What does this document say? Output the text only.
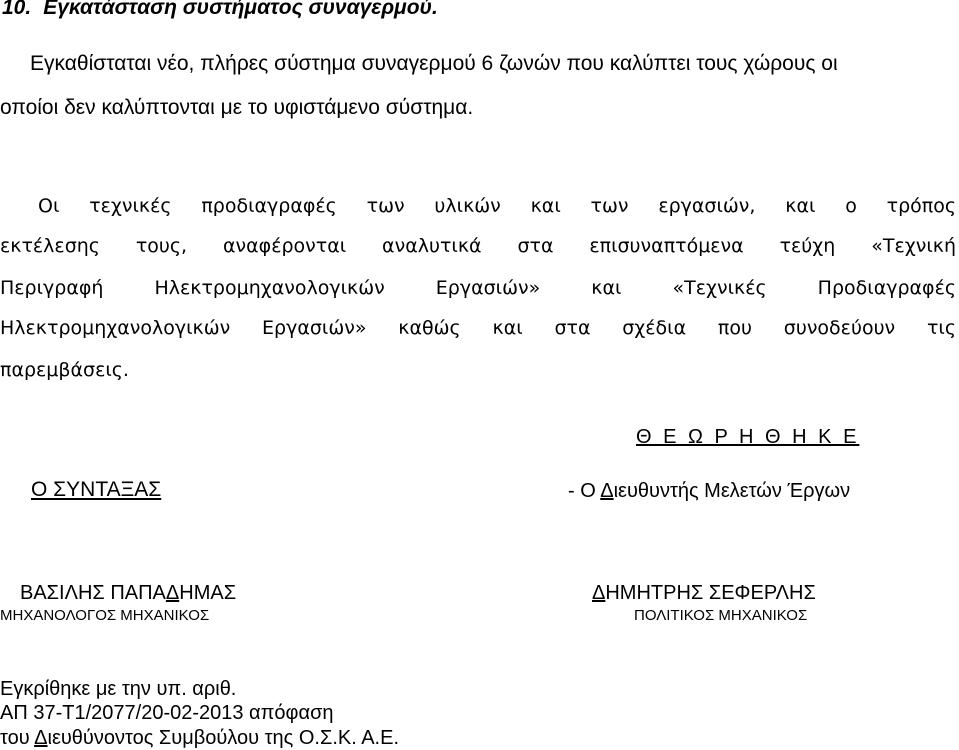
10. Εγκατάσταση συστήματος συναγερμού.
Εγκαθίσταται νέο, πλήρες σύστημα συναγερμού 6 ζωνών που καλύπτει τους χώρους οι
οποίοι δεν καλύπτονται με το υφιστάμενο σύστημα.
Οι τεχνικές προδιαγραφές των υλικών και των εργασιών, και ο τρόπος
εκτέλεσης τους, αναφέρονται αναλυτικά στα επισυναπτόμενα τεύχη «Τεχνική
Περιγραφή Ηλεκτρομηχανολογικών Εργασιών» και «Τεχνικές Προδιαγραφές
Ηλεκτρομηχανολογικών Εργασιών» καθώς και στα σχέδια που συνοδεύουν τις
παρεμβάσεις.
Θ Ε Ω Ρ Η Θ Η Κ Ε
Ο ΣΥΝΤΑΞΑΣ	- Ο Διευθυντής Μελετών Έργων
ΒΑΣΙΛΗΣ ΠΑΠΑΔΗΜΑΣ
ΜΗΧΑΝΟΛΟΓΟΣ ΜΗΧΑΝΙΚΟΣ
ΔΗΜΗΤΡΗΣ ΣΕΦΕΡΛΗΣ
ΠΟΛΙΤΙΚΟΣ ΜΗΧΑΝΙΚΟΣ
Εγκρίθηκε με την υπ. αριθ.
ΑΠ 37-Τ1/2077/20-02-2013 απόφαση
του Διευθύνοντος Συμβούλου της Ο.Σ.Κ. Α.Ε.
